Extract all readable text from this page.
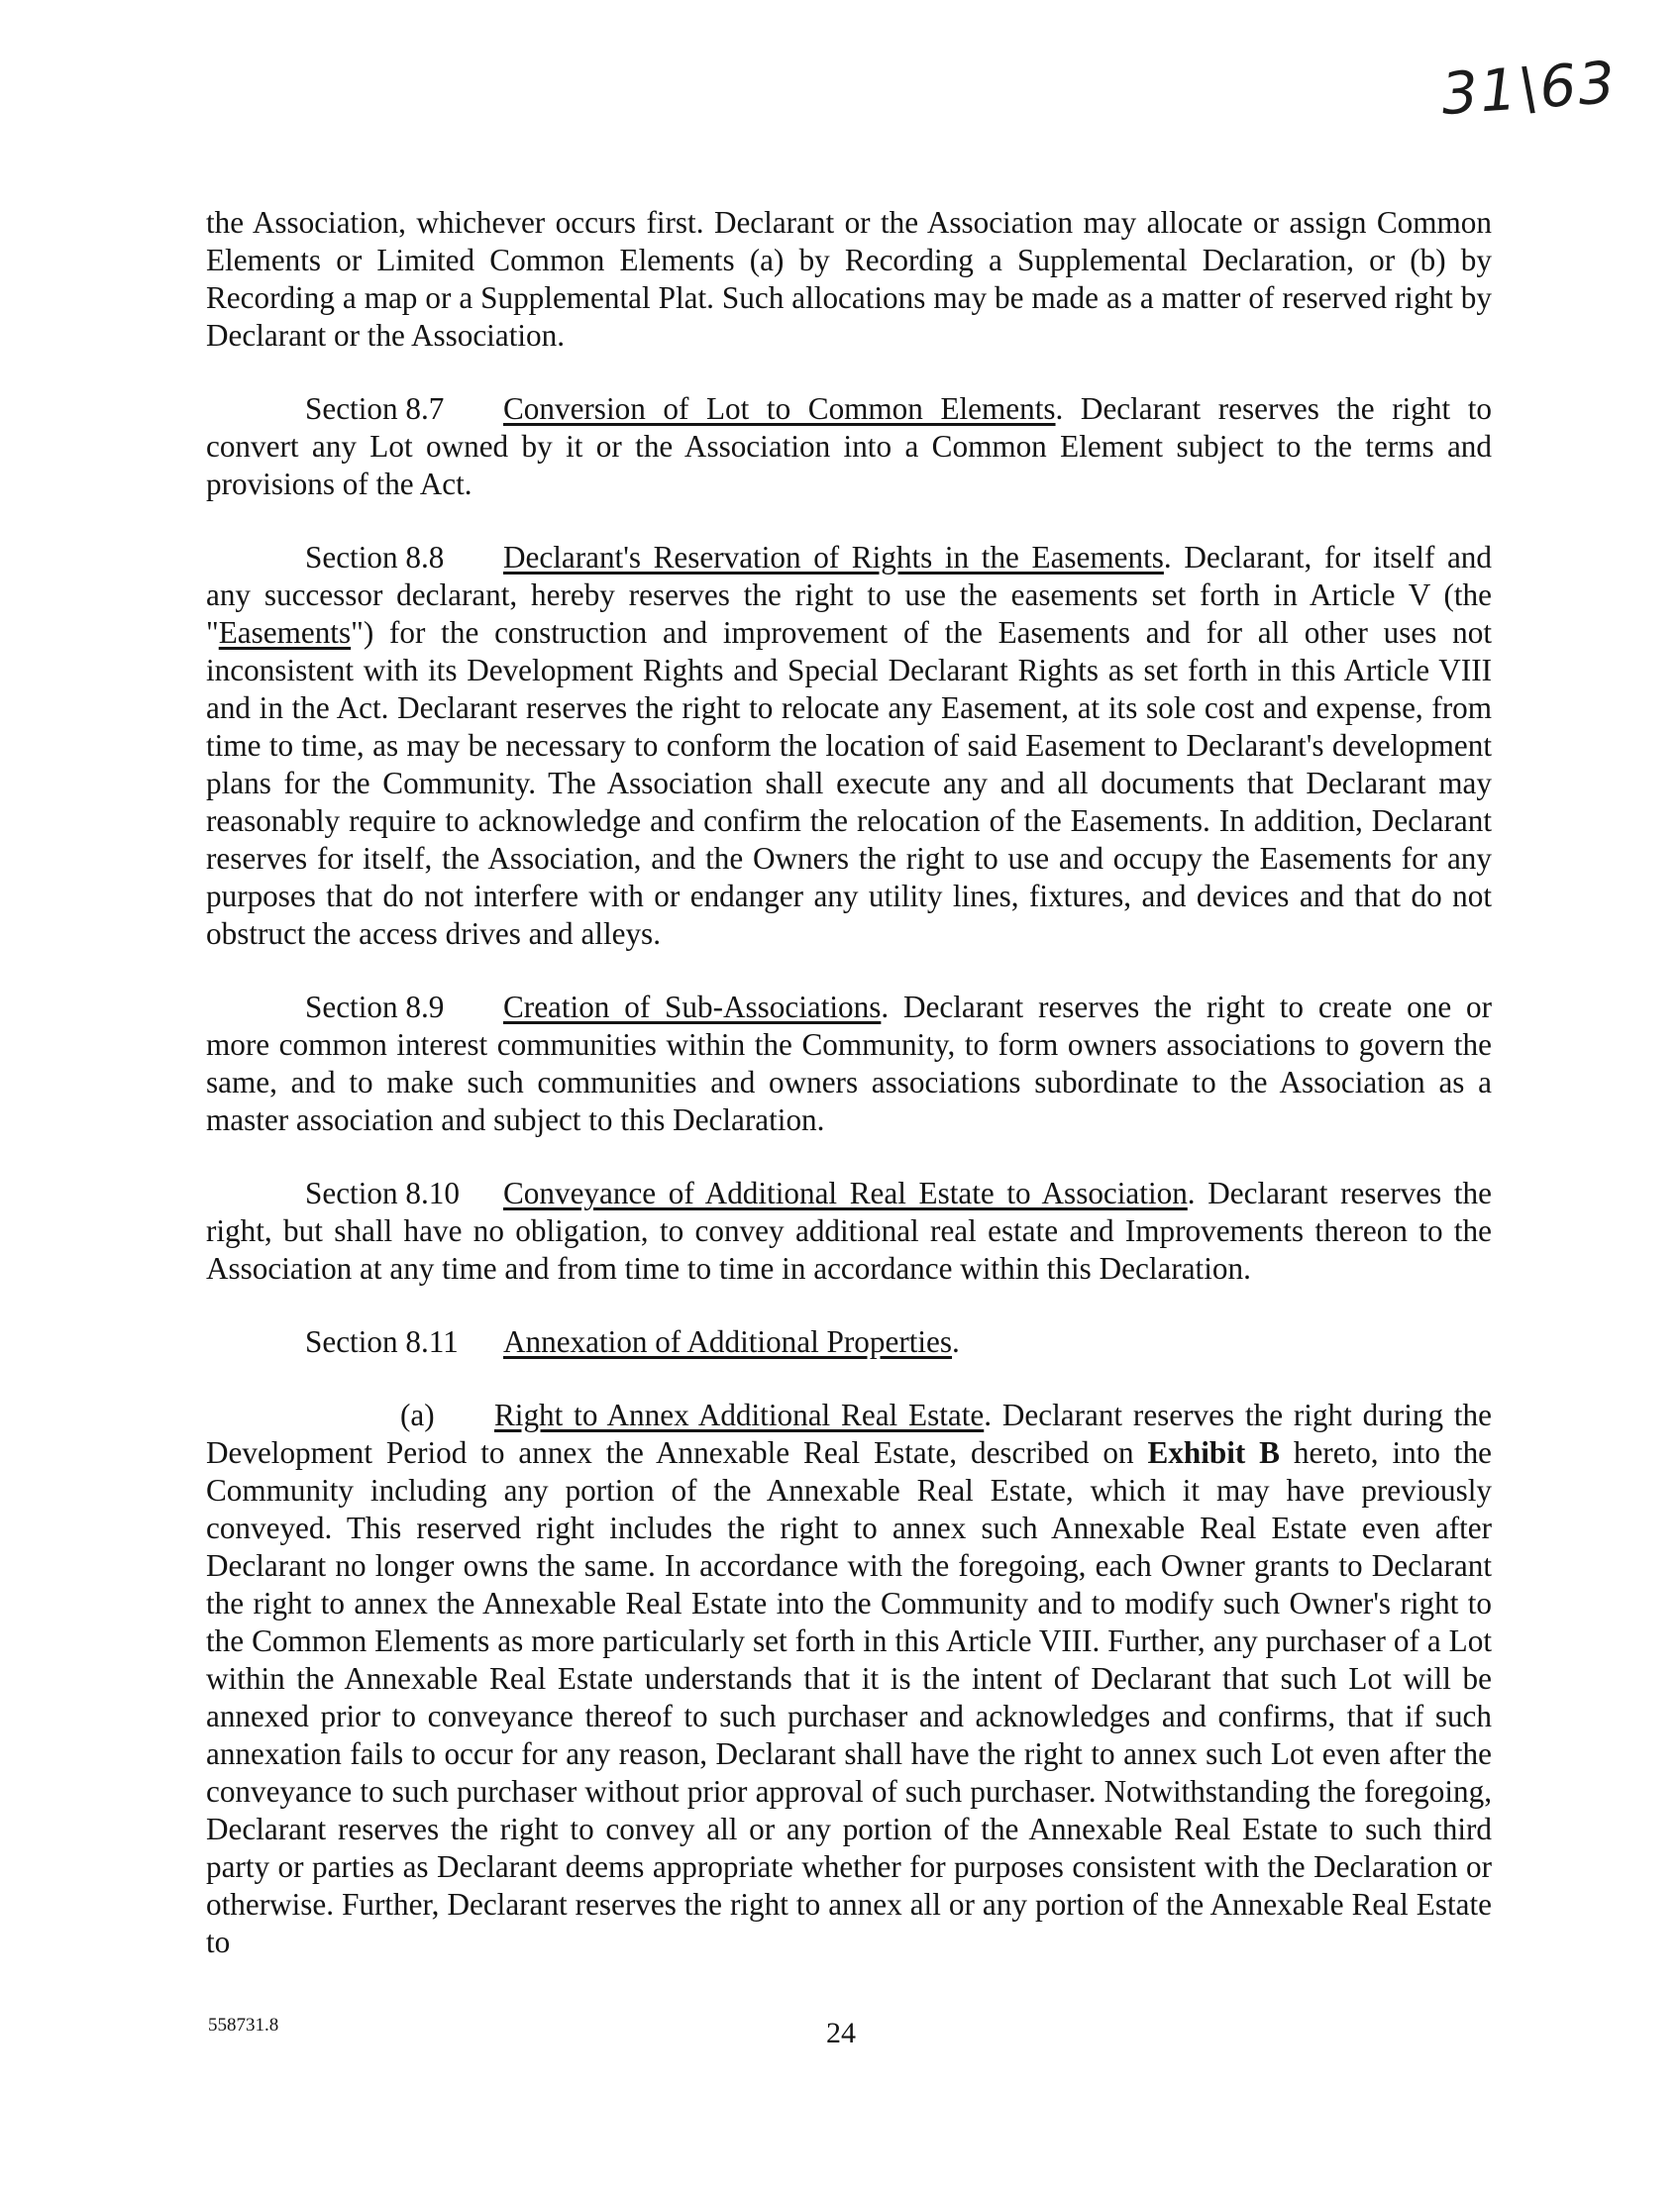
31\63

the Association, whichever occurs first. Declarant or the Association may allocate or assign Common Elements or Limited Common Elements (a) by Recording a Supplemental Declaration, or (b) by Recording a map or a Supplemental Plat. Such allocations may be made as a matter of reserved right by Declarant or the Association.

Section 8.7 Conversion of Lot to Common Elements. Declarant reserves the right to convert any Lot owned by it or the Association into a Common Element subject to the terms and provisions of the Act.

Section 8.8 Declarant's Reservation of Rights in the Easements. Declarant, for itself and any successor declarant, hereby reserves the right to use the easements set forth in Article V (the "Easements") for the construction and improvement of the Easements and for all other uses not inconsistent with its Development Rights and Special Declarant Rights as set forth in this Article VIII and in the Act. Declarant reserves the right to relocate any Easement, at its sole cost and expense, from time to time, as may be necessary to conform the location of said Easement to Declarant's development plans for the Community. The Association shall execute any and all documents that Declarant may reasonably require to acknowledge and confirm the relocation of the Easements. In addition, Declarant reserves for itself, the Association, and the Owners the right to use and occupy the Easements for any purposes that do not interfere with or endanger any utility lines, fixtures, and devices and that do not obstruct the access drives and alleys.

Section 8.9 Creation of Sub-Associations. Declarant reserves the right to create one or more common interest communities within the Community, to form owners associations to govern the same, and to make such communities and owners associations subordinate to the Association as a master association and subject to this Declaration.

Section 8.10 Conveyance of Additional Real Estate to Association. Declarant reserves the right, but shall have no obligation, to convey additional real estate and Improvements thereon to the Association at any time and from time to time in accordance within this Declaration.

Section 8.11 Annexation of Additional Properties.

(a) Right to Annex Additional Real Estate. Declarant reserves the right during the Development Period to annex the Annexable Real Estate, described on Exhibit B hereto, into the Community including any portion of the Annexable Real Estate, which it may have previously conveyed. This reserved right includes the right to annex such Annexable Real Estate even after Declarant no longer owns the same. In accordance with the foregoing, each Owner grants to Declarant the right to annex the Annexable Real Estate into the Community and to modify such Owner's right to the Common Elements as more particularly set forth in this Article VIII. Further, any purchaser of a Lot within the Annexable Real Estate understands that it is the intent of Declarant that such Lot will be annexed prior to conveyance thereof to such purchaser and acknowledges and confirms, that if such annexation fails to occur for any reason, Declarant shall have the right to annex such Lot even after the conveyance to such purchaser without prior approval of such purchaser. Notwithstanding the foregoing, Declarant reserves the right to convey all or any portion of the Annexable Real Estate to such third party or parties as Declarant deems appropriate whether for purposes consistent with the Declaration or otherwise. Further, Declarant reserves the right to annex all or any portion of the Annexable Real Estate to

558731.8	24
